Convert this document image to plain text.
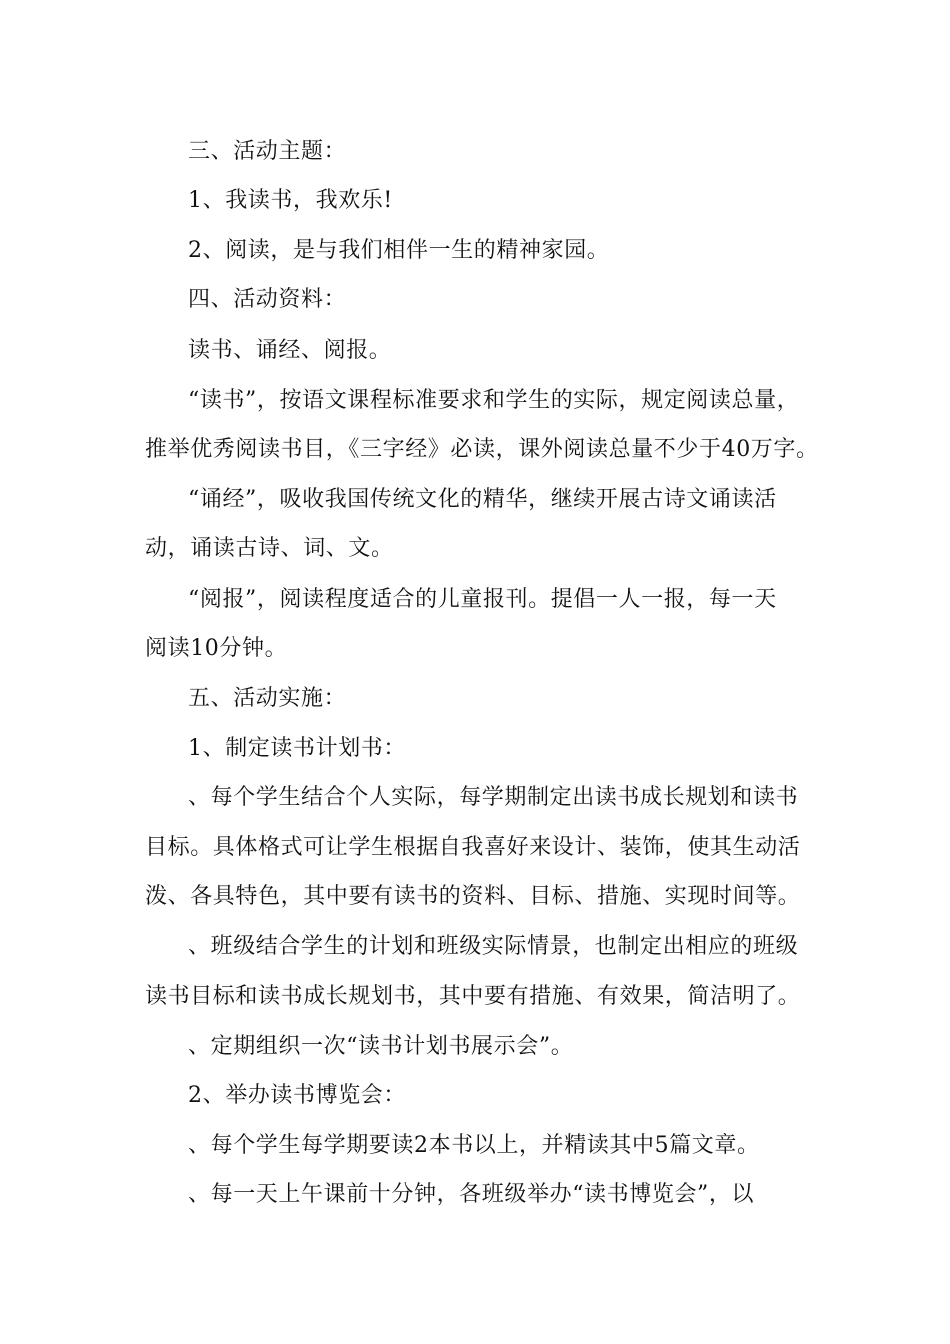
三、活动主题：
1、我读书，我欢乐!
2、阅读，是与我们相伴一生的精神家园。
四、活动资料：
读书、诵经、阅报。
“读书”，按语文课程标准要求和学生的实际，规定阅读总量，
推举优秀阅读书目，《三字经》必读，课外阅读总量不少于40万字。
“诵经”，吸收我国传统文化的精华，继续开展古诗文诵读活
动，诵读古诗、词、文。
“阅报”，阅读程度适合的儿童报刊。提倡一人一报，每一天
阅读10分钟。
五、活动实施：
1、制定读书计划书：
、每个学生结合个人实际，每学期制定出读书成长规划和读书
目标。具体格式可让学生根据自我喜好来设计、装饰，使其生动活
泼、各具特色，其中要有读书的资料、目标、措施、实现时间等。
、班级结合学生的计划和班级实际情景，也制定出相应的班级
读书目标和读书成长规划书，其中要有措施、有效果，简洁明了。
、定期组织一次“读书计划书展示会”。
2、举办读书博览会：
、每个学生每学期要读2本书以上，并精读其中5篇文章。
、每一天上午课前十分钟，各班级举办“读书博览会”，以
